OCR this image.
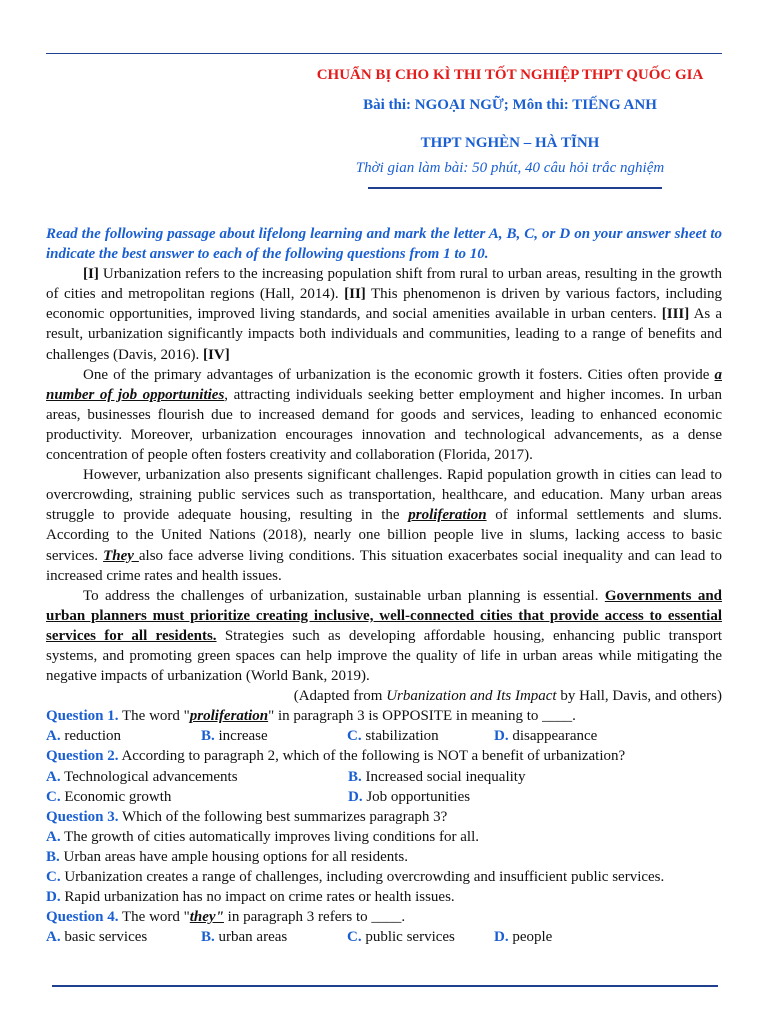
CHUẨN BỊ CHO KÌ THI TỐT NGHIỆP THPT QUỐC GIA
Bài thi: NGOẠI NGỮ; Môn thi: TIẾNG ANH
THPT NGHÈN – HÀ TĨNH
Thời gian làm bài: 50 phút, 40 câu hỏi trắc nghiệm
Read the following passage about lifelong learning and mark the letter A, B, C, or D on your answer sheet to indicate the best answer to each of the following questions from 1 to 10.
[I] Urbanization refers to the increasing population shift from rural to urban areas, resulting in the growth of cities and metropolitan regions (Hall, 2014). [II] This phenomenon is driven by various factors, including economic opportunities, improved living standards, and social amenities available in urban centers. [III] As a result, urbanization significantly impacts both individuals and communities, leading to a range of benefits and challenges (Davis, 2016). [IV]
One of the primary advantages of urbanization is the economic growth it fosters. Cities often provide a number of job opportunities, attracting individuals seeking better employment and higher incomes. In urban areas, businesses flourish due to increased demand for goods and services, leading to enhanced economic productivity. Moreover, urbanization encourages innovation and technological advancements, as a dense concentration of people often fosters creativity and collaboration (Florida, 2017).
However, urbanization also presents significant challenges. Rapid population growth in cities can lead to overcrowding, straining public services such as transportation, healthcare, and education. Many urban areas struggle to provide adequate housing, resulting in the proliferation of informal settlements and slums. According to the United Nations (2018), nearly one billion people live in slums, lacking access to basic services. They also face adverse living conditions. This situation exacerbates social inequality and can lead to increased crime rates and health issues.
To address the challenges of urbanization, sustainable urban planning is essential. Governments and urban planners must prioritize creating inclusive, well-connected cities that provide access to essential services for all residents. Strategies such as developing affordable housing, enhancing public transport systems, and promoting green spaces can help improve the quality of life in urban areas while mitigating the negative impacts of urbanization (World Bank, 2019).
(Adapted from Urbanization and Its Impact by Hall, Davis, and others)
Question 1. The word "proliferation" in paragraph 3 is OPPOSITE in meaning to ____.
A. reduction	B. increase	C. stabilization	D. disappearance
Question 2. According to paragraph 2, which of the following is NOT a benefit of urbanization?
A. Technological advancements	B. Increased social inequality
C. Economic growth	D. Job opportunities
Question 3. Which of the following best summarizes paragraph 3?
A. The growth of cities automatically improves living conditions for all.
B. Urban areas have ample housing options for all residents.
C. Urbanization creates a range of challenges, including overcrowding and insufficient public services.
D. Rapid urbanization has no impact on crime rates or health issues.
Question 4. The word "they" in paragraph 3 refers to ____.
A. basic services	B. urban areas	C. public services	D. people
